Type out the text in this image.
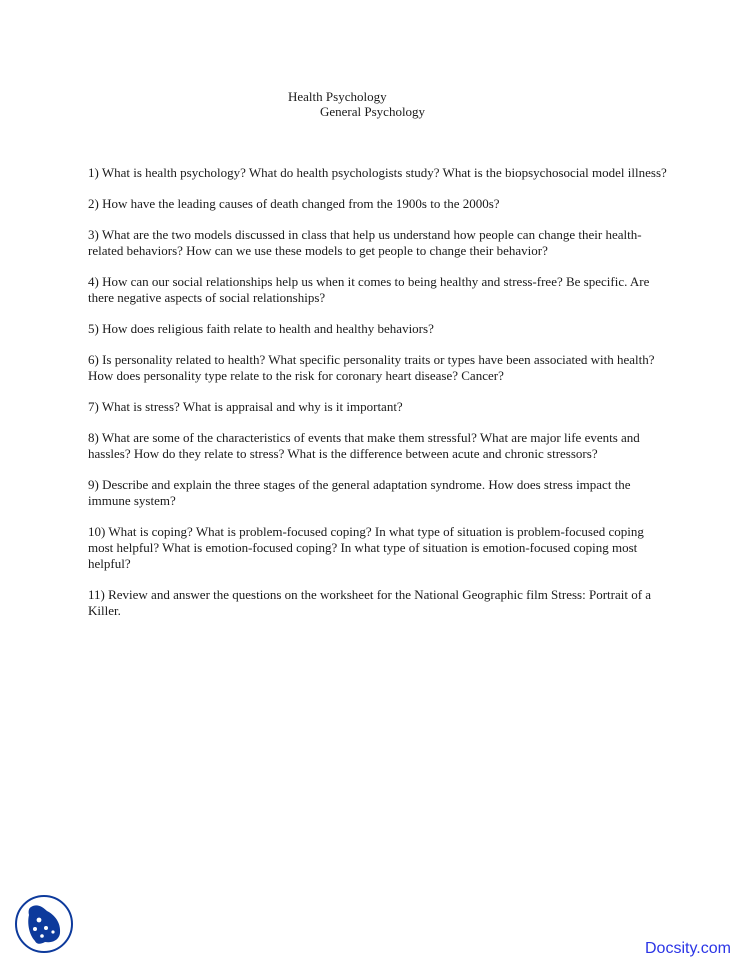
Health Psychology
General Psychology

1) What is health psychology? What do health psychologists study? What is the biopsychosocial model illness?

2) How have the leading causes of death changed from the 1900s to the 2000s?

3) What are the two models discussed in class that help us understand how people can change their health-related behaviors? How can we use these models to get people to change their behavior?

4) How can our social relationships help us when it comes to being healthy and stress-free? Be specific. Are there negative aspects of social relationships?

5) How does religious faith relate to health and healthy behaviors?

6) Is personality related to health? What specific personality traits or types have been associated with health? How does personality type relate to the risk for coronary heart disease? Cancer?

7) What is stress? What is appraisal and why is it important?

8) What are some of the characteristics of events that make them stressful? What are major life events and hassles? How do they relate to stress? What is the difference between acute and chronic stressors?

9) Describe and explain the three stages of the general adaptation syndrome. How does stress impact the immune system?

10) What is coping? What is problem-focused coping? In what type of situation is problem-focused coping most helpful? What is emotion-focused coping? In what type of situation is emotion-focused coping most helpful?

11) Review and answer the questions on the worksheet for the National Geographic film Stress: Portrait of a Killer.

Docsity.com
